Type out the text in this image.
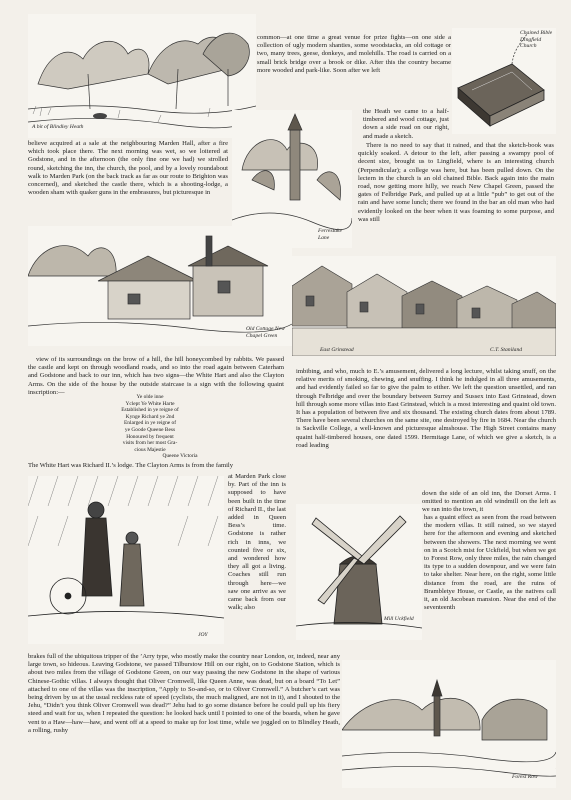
A bit of Blindley Heath

common—at one time a great venue for prize fights—on one side a collection of ugly modern shanties, some woodstacks, an old cottage or two, many trees, geese, donkeys, and molehills. The road is carried on a small brick bridge over a brook or dike. After this the country became more wooded and park-like. Soon after we left

Chained Bible Dingfield Church

the Heath we came to a half-timbered and wood cottage, just down a side road on our right, and made a sketch.

believe acquired at a sale at the neighbouring Marden Hall, after a fire which took place there. The next morning was wet, so we loitered at Godstone, and in the afternoon (the only fine one we had) we strolled round, sketching the inn, the church, the pool, and by a lovely roundabout walk to Marden Park (on the back track as far as our route to Brighton was concerned), and sketched the castle there, which is a shooting-lodge, a wooden sham with quaker guns in the embrasures, but picturesque in

Ferrestake Lane

There is no need to say that it rained, and that the sketch-book was quickly soaked. A detour to the left, after passing a swampy pool of decent size, brought us to Lingfield, where is an interesting church (Perpendicular); a college was here, but has been pulled down. On the lectern in the church is an old chained Bible. Back again into the main road, now getting more hilly, we reach New Chapel Green, passed the gates of Felbridge Park, and pulled up at a little “pub” to get out of the rain and have some lunch; there we found in the bar an old man who had evidently looked on the beer when it was foaming to some purpose, and was still

Old Cottage New Chapel Green
East Grinstead	C.T. Staniland

view of its surroundings on the brow of a hill, the hill honeycombed by rabbits. We passed the castle and kept on through woodland roads, and so into the road again between Caterham and Godstone and back to our inn, which has two signs—the White Hart and also the Clayton Arms. On the side of the house by the outside staircase is a sign with the following quaint inscription:—

Ye olde inne
Yclept Ye White Harte
Established in ye reigne of
Kynge Richard ye 2nd
Enlarged in ye reigne of
ye Goode Queene Bess
Honoured by frequent
visits from her most Gra-
cious Majestie
Queene Victoria

The White Hart was Richard II.’s lodge. The Clayton Arms is from the family

JOY

at Marden Park close by. Part of the inn is supposed to have been built in the time of Richard II., the last added in Queen Bess’s time. Godstone is rather rich in inns, we counted five or six, and wondered how they all got a living. Coaches still run through here—we saw one arrive as we came back from our walk; also

imbibing, and who, much to E.’s amusement, delivered a long lecture, whilst taking snuff, on the relative merits of smoking, chewing, and snuffing. I think he indulged in all three amusements, and had evidently failed so far to give the palm to either. We left the question unsettled, and ran through Felbridge and over the boundary between Surrey and Sussex into East Grinstead, down hill through some more villas into East Grinstead, which is a most interesting and quaint old town. It has a population of between five and six thousand. The existing church dates from about 1789. There have been several churches on the same site, one destroyed by fire in 1684. Near the church is Sackville College, a well-known and picturesque almshouse. The High Street contains many quaint half-timbered houses, one dated 1599. Hermitage Lane, of which we give a sketch, is a road leading

down the side of an old inn, the Dorset Arms. I omitted to mention an old windmill on the left as we ran into the town, it

Mill Uckfield

has a quaint effect as seen from the road between the modern villas. It still rained, so we stayed here for the afternoon and evening and sketched between the showers. The next morning we went on in a Scotch mist for Uckfield, but when we got to Forest Row, only three miles, the rain changed its type to a sudden downpour, and we were fain to take shelter. Near here, on the right, some little distance from the road, are the ruins of Brambletye House, or Castle, as the natives call it, an old Jacobean mansion. Near the end of the seventeenth

brakes full of the ubiquitous tripper of the ’Arry type, who mostly make the country near London, or, indeed, near any large town, so hideous. Leaving Godstone, we passed Tilburstow Hill on our right, on to Godstone Station, which is about two miles from the village of Godstone Green, on our way passing the new Godstone in the shape of various Chinese-Gothic villas. I always thought that Oliver Cromwell, like Queen Anne, was dead, but on a board “To Let” attached to one of the villas was the inscription, “Apply to So-and-so, or to Oliver Cromwell.” A butcher’s cart was being driven by us at the usual reckless rate of speed (cyclists, the much maligned, are not in it), and I shouted to the Jehu, “Didn’t you think Oliver Cromwell was dead?” Jehu had to go some distance before he could pull up his fiery steed and wait for us, when I repeated the question: he looked back until I pointed to one of the boards, when he gave vent to a Haw—haw—haw, and went off at a speed to make up for lost time, while we joggled on to Blindley Heath, a rolling, rushy

Forest Row
